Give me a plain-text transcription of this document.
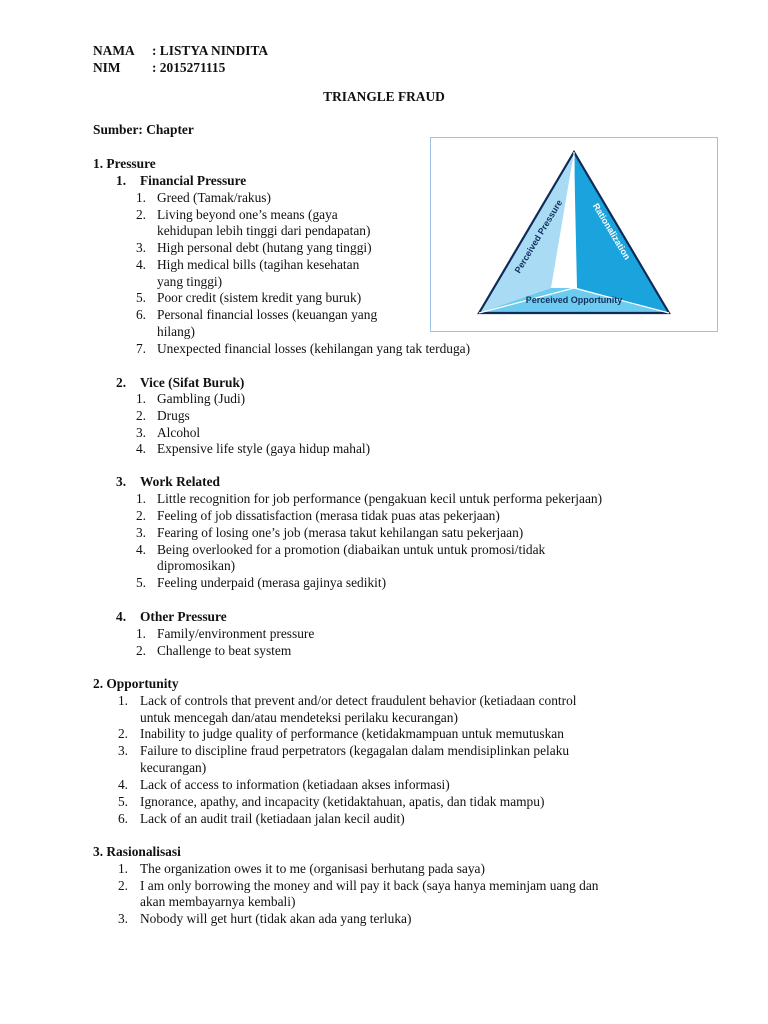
NAMA : LISTYA NINDITA
NIM : 2015271115
TRIANGLE FRAUD
Sumber: Chapter
Perceived Pressure	Rationalization
Perceived Opportunity
1. Pressure
1. Financial Pressure
1. Greed (Tamak/rakus)
2. Living beyond one’s means (gaya
kehidupan lebih tinggi dari pendapatan)
3. High personal debt (hutang yang tinggi)
4. High medical bills (tagihan kesehatan
yang tinggi)
5. Poor credit (sistem kredit yang buruk)
6. Personal financial losses (keuangan yang
hilang)
7. Unexpected financial losses (kehilangan yang tak terduga)
2. Vice (Sifat Buruk)
1. Gambling (Judi)
2. Drugs
3. Alcohol
4. Expensive life style (gaya hidup mahal)
3. Work Related
1. Little recognition for job performance (pengakuan kecil untuk performa pekerjaan)
2. Feeling of job dissatisfaction (merasa tidak puas atas pekerjaan)
3. Fearing of losing one’s job (merasa takut kehilangan satu pekerjaan)
4. Being overlooked for a promotion (diabaikan untuk untuk promosi/tidak
dipromosikan)
5. Feeling underpaid (merasa gajinya sedikit)
4. Other Pressure
1. Family/environment pressure
2. Challenge to beat system
2. Opportunity
1. Lack of controls that prevent and/or detect fraudulent behavior (ketiadaan control
untuk mencegah dan/atau mendeteksi perilaku kecurangan)
2. Inability to judge quality of performance (ketidakmampuan untuk memutuskan
3. Failure to discipline fraud perpetrators (kegagalan dalam mendisiplinkan pelaku
kecurangan)
4. Lack of access to information (ketiadaan akses informasi)
5. Ignorance, apathy, and incapacity (ketidaktahuan, apatis, dan tidak mampu)
6. Lack of an audit trail (ketiadaan jalan kecil audit)
3. Rasionalisasi
1. The organization owes it to me (organisasi berhutang pada saya)
2. I am only borrowing the money and will pay it back (saya hanya meminjam uang dan
akan membayarnya kembali)
3. Nobody will get hurt (tidak akan ada yang terluka)
